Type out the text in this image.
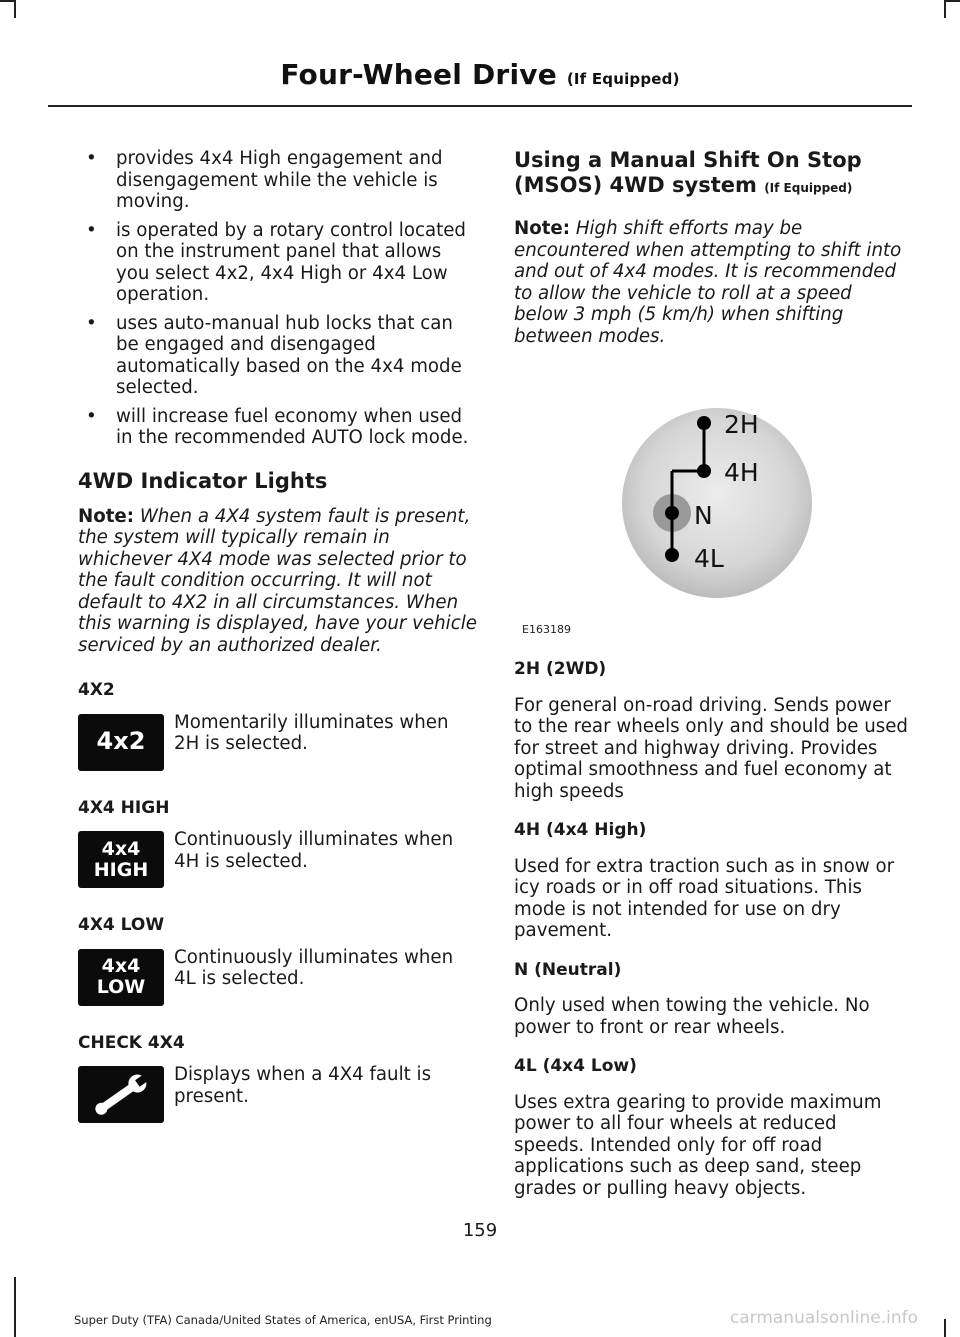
Four-Wheel Drive (If Equipped)
• provides 4x4 High engagement and disengagement while the vehicle is moving.
• is operated by a rotary control located on the instrument panel that allows you select 4x2, 4x4 High or 4x4 Low operation.
• uses auto-manual hub locks that can be engaged and disengaged automatically based on the 4x4 mode selected.
• will increase fuel economy when used in the recommended AUTO lock mode.
4WD Indicator Lights

Note: When a 4X4 system fault is present, the system will typically remain in whichever 4X4 mode was selected prior to the fault condition occurring. It will not default to 4X2 in all circumstances. When this warning is displayed, have your vehicle serviced by an authorized dealer.

4X2

4x2
Momentarily illuminates when 2H is selected.

4X4 HIGH

4x4
HIGH
Continuously illuminates when 4H is selected.

4X4 LOW

4x4
LOW
Continuously illuminates when 4L is selected.

CHECK 4X4

Displays when a 4X4 fault is present.
Using a Manual Shift On Stop (MSOS) 4WD system (If Equipped)

Note: High shift efforts may be encountered when attempting to shift into and out of 4x4 modes. It is recommended to allow the vehicle to roll at a speed below 3 mph (5 km/h) when shifting between modes.

2H
4H
N
4L
E163189

2H (2WD)

For general on-road driving. Sends power to the rear wheels only and should be used for street and highway driving. Provides optimal smoothness and fuel economy at high speeds

4H (4x4 High)

Used for extra traction such as in snow or icy roads or in off road situations. This mode is not intended for use on dry pavement.

N (Neutral)

Only used when towing the vehicle. No power to front or rear wheels.

4L (4x4 Low)

Uses extra gearing to provide maximum power to all four wheels at reduced speeds. Intended only for off road applications such as deep sand, steep grades or pulling heavy objects.

159
Super Duty (TFA) Canada/United States of America, enUSA, First Printing	carmanualsonline.info
